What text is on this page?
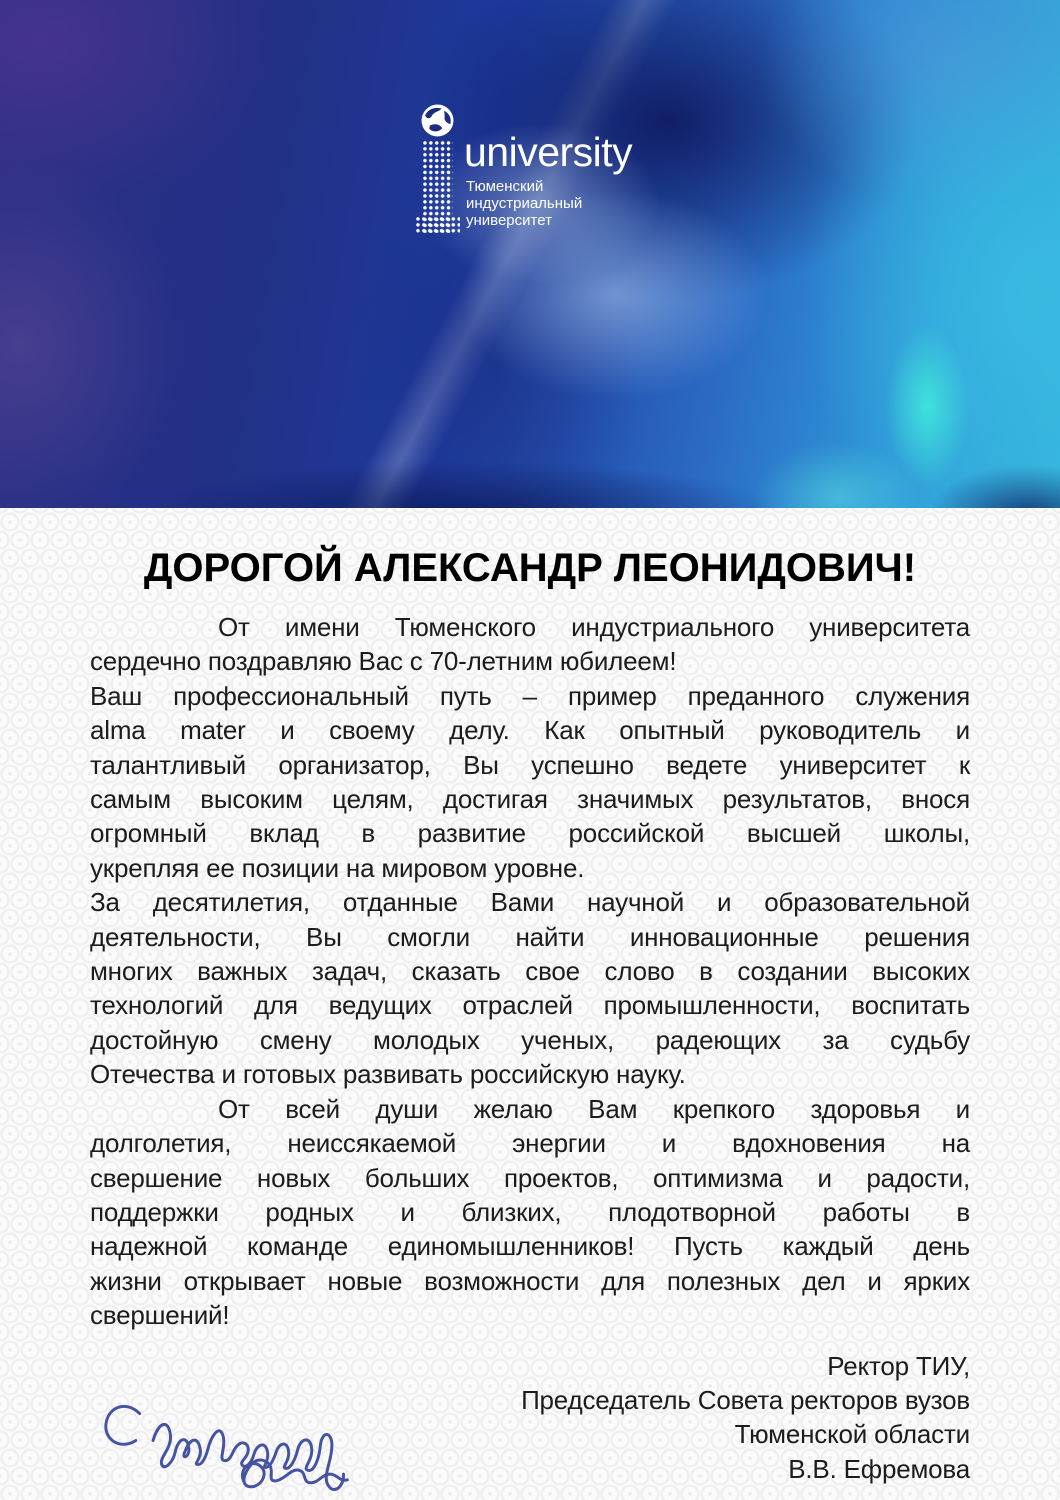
university
Тюменский
индустриальный
университет
ДОРОГОЙ АЛЕКСАНДР ЛЕОНИДОВИЧ!
От имени Тюменского индустриального университета
сердечно поздравляю Вас с 70-летним юбилеем!
Ваш профессиональный путь – пример преданного служения
alma mater и своему делу. Как опытный руководитель и
талантливый организатор, Вы успешно ведете университет к
самым высоким целям, достигая значимых результатов, внося
огромный вклад в развитие российской высшей школы,
укрепляя ее позиции на мировом уровне.
За десятилетия, отданные Вами научной и образовательной
деятельности, Вы смогли найти инновационные решения
многих важных задач, сказать свое слово в создании высоких
технологий для ведущих отраслей промышленности, воспитать
достойную смену молодых ученых, радеющих за судьбу
Отечества и готовых развивать российскую науку.
От всей души желаю Вам крепкого здоровья и
долголетия, неиссякаемой энергии и вдохновения на
свершение новых больших проектов, оптимизма и радости,
поддержки родных и близких, плодотворной работы в
надежной команде единомышленников! Пусть каждый день
жизни открывает новые возможности для полезных дел и ярких
свершений!
Ректор ТИУ,
Председатель Совета ректоров вузов
Тюменской области
В.В. Ефремова
